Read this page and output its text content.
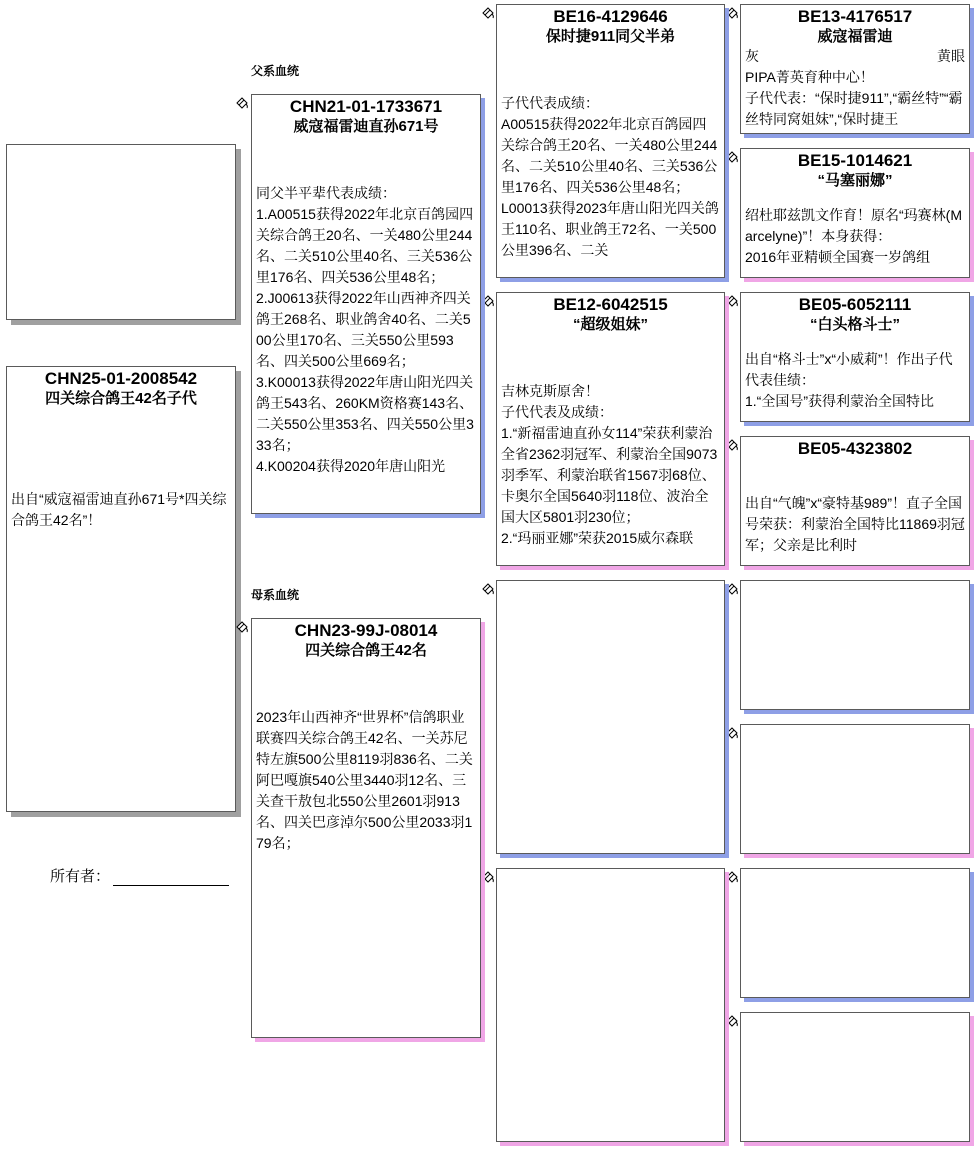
父系血统
母系血统
CHN25-01-2008542
四关综合鸽王42名子代
出自“威寇福雷迪直孙671号*四关综合鸽王42名”！
所有者：
CHN21-01-1733671
威寇福雷迪直孙671号
同父半平辈代表成绩：
1.A00515获得2022年北京百鸽园四关综合鸽王20名、一关480公里244名、二关510公里40名、三关536公里176名、四关536公里48名；
2.J00613获得2022年山西神齐四关鸽王268名、职业鸽舍40名、二关500公里170名、三关550公里593名、四关500公里669名；
3.K00013获得2022年唐山阳光四关鸽王543名、260KM资格赛143名、二关550公里353名、四关550公里333名；
4.K00204获得2020年唐山阳光
CHN23-99J-08014
四关综合鸽王42名
2023年山西神齐“世界杯”信鸽职业联赛四关综合鸽王42名、一关苏尼特左旗500公里8119羽836名、二关阿巴嘎旗540公里3440羽12名、三关查干敖包北550公里2601羽913名、四关巴彦淖尔500公里2033羽179名；
BE16-4129646
保时捷911同父半弟
子代代表成绩：
A00515获得2022年北京百鸽园四关综合鸽王20名、一关480公里244名、二关510公里40名、三关536公里176名、四关536公里48名；
L00013获得2023年唐山阳光四关鸽王110名、职业鸽王72名、一关500公里396名、二关
BE12-6042515
“超级姐妹”
吉林克斯原舍！
子代代表及成绩：
1.“新福雷迪直孙女114”荣获利蒙治全省2362羽冠军、利蒙治全国9073羽季军、利蒙治联省1567羽68位、卡奥尔全国5640羽118位、波治全国大区5801羽230位；
2.“玛丽亚娜”荣获2015威尔森联
BE13-4176517
威寇福雷迪
灰	黄眼
PIPA菁英育种中心！
子代代表：“保时捷911”,“霸丝特”“霸丝特同窝姐妹”,“保时捷王
BE15-1014621
“马塞丽娜”
绍杜耶兹凯文作育！原名“玛赛林(Marcelyne)”！本身获得：
2016年亚精顿全国赛一岁鸽组
BE05-6052111
“白头格斗士”
出自“格斗士”x“小威莉”！作出子代代表佳绩：
1.“全国号”获得利蒙治全国特比
BE05-4323802
出自“气魄”x“豪特基989”！直子全国号荣获：利蒙治全国特比11869羽冠军；父亲是比利时
